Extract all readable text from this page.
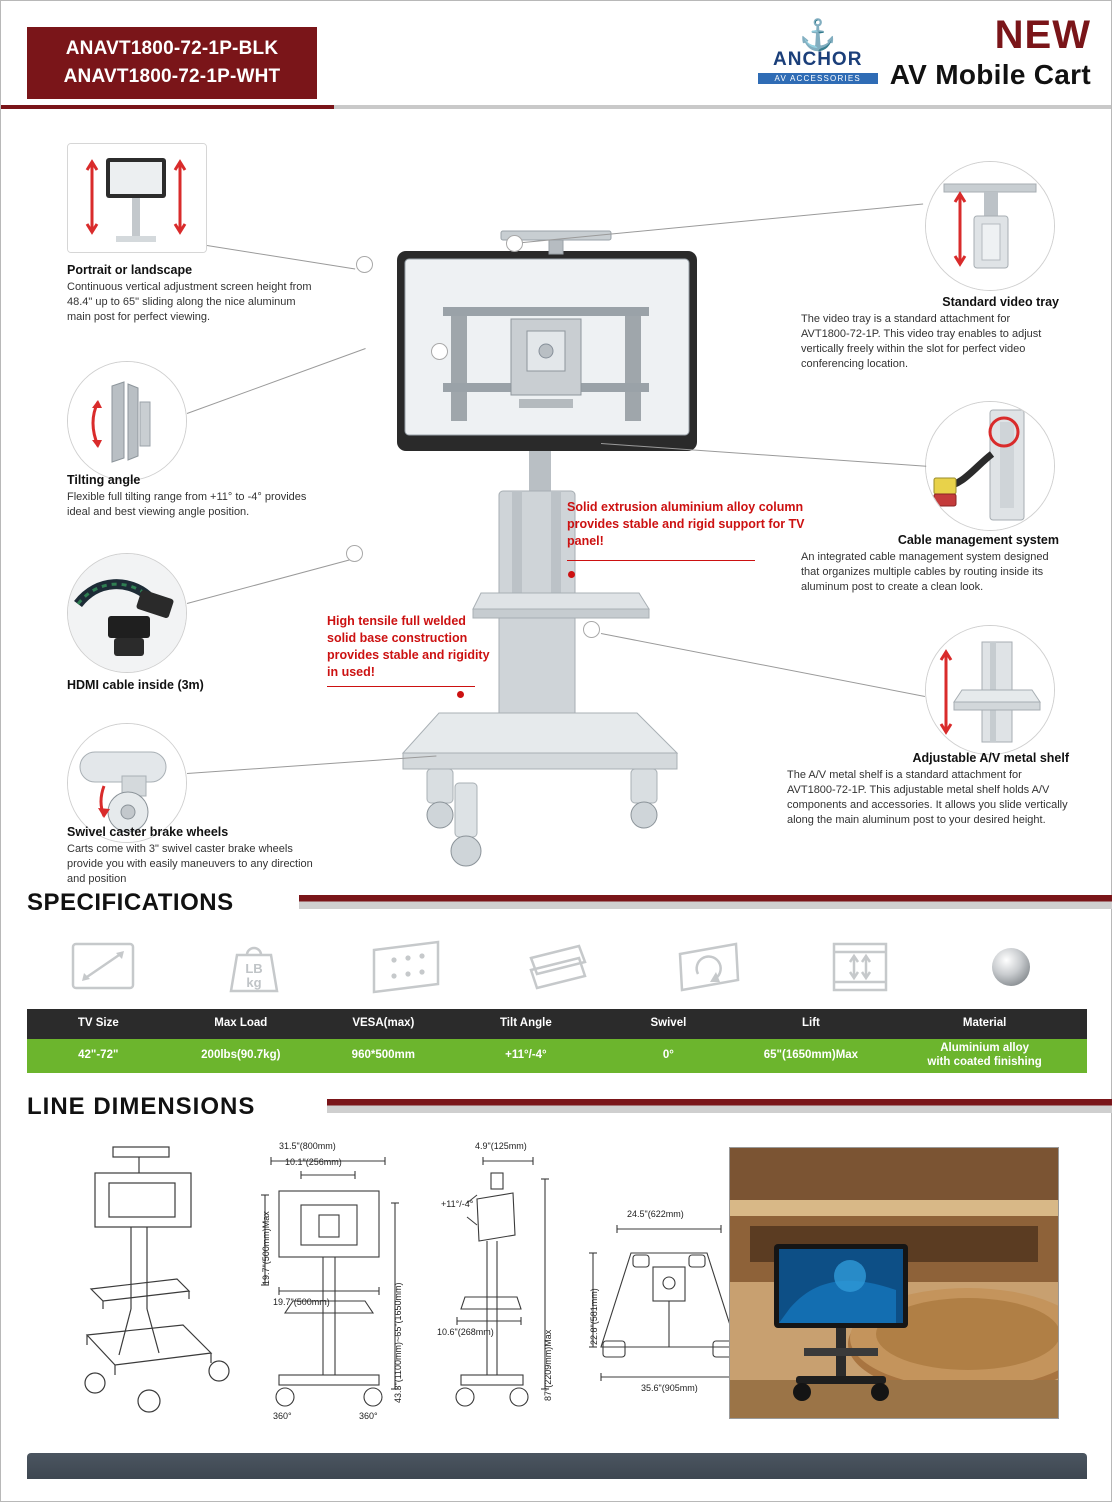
ANAVT1800-72-1P-BLK
ANAVT1800-72-1P-WHT
⚓
ANCHOR
AV ACCESSORIES
NEW
AV Mobile Cart
Portrait or landscape

Continuous vertical adjustment screen height from 48.4" up to 65" sliding along the nice aluminum main post for perfect viewing.

Tilting angle

Flexible full tilting range from +11° to -4° provides ideal and best viewing angle position.

HDMI cable inside (3m)
Swivel caster brake wheels

Carts come with 3" swivel caster brake wheels provide you with easily maneuvers to any direction and position

Standard video tray

The video tray is a standard attachment for AVT1800-72-1P. This video tray enables to adjust vertically freely within the slot for perfect video conferencing location.

Cable management system

An integrated cable management system designed that organizes multiple cables by routing inside its aluminum post to create a clean look.

Adjustable A/V metal shelf

The A/V metal shelf is a standard attachment for AVT1800-72-1P. This adjustable metal shelf holds A/V components and accessories. It allows you slide vertically along the main aluminum post to your desired height.

Solid extrusion aluminium alloy column provides stable and rigid support for TV panel!
High tensile full welded solid base construction provides stable and rigidity in used!
SPECIFICATIONS
LB
kg
TV Size	Max Load	VESA(max)	Tilt Angle	Swivel	Lift	Material
42"-72"	200lbs(90.7kg)	960*500mm	+11°/-4°	0°	65"(1650mm)Max
Aluminium alloy
with coated finishing
LINE DIMENSIONS
31.5"(800mm)
10.1"(256mm)
19.7"(500mm)Max
19.7"(500mm)	43.3"(1100mm)~65"(1650mm)
360°	360°
4.9"(125mm)
+11°/-4°
10.6"(268mm)	87"(2209mm)Max
24.5"(622mm)
22.8"(581mm)
35.6"(905mm)
